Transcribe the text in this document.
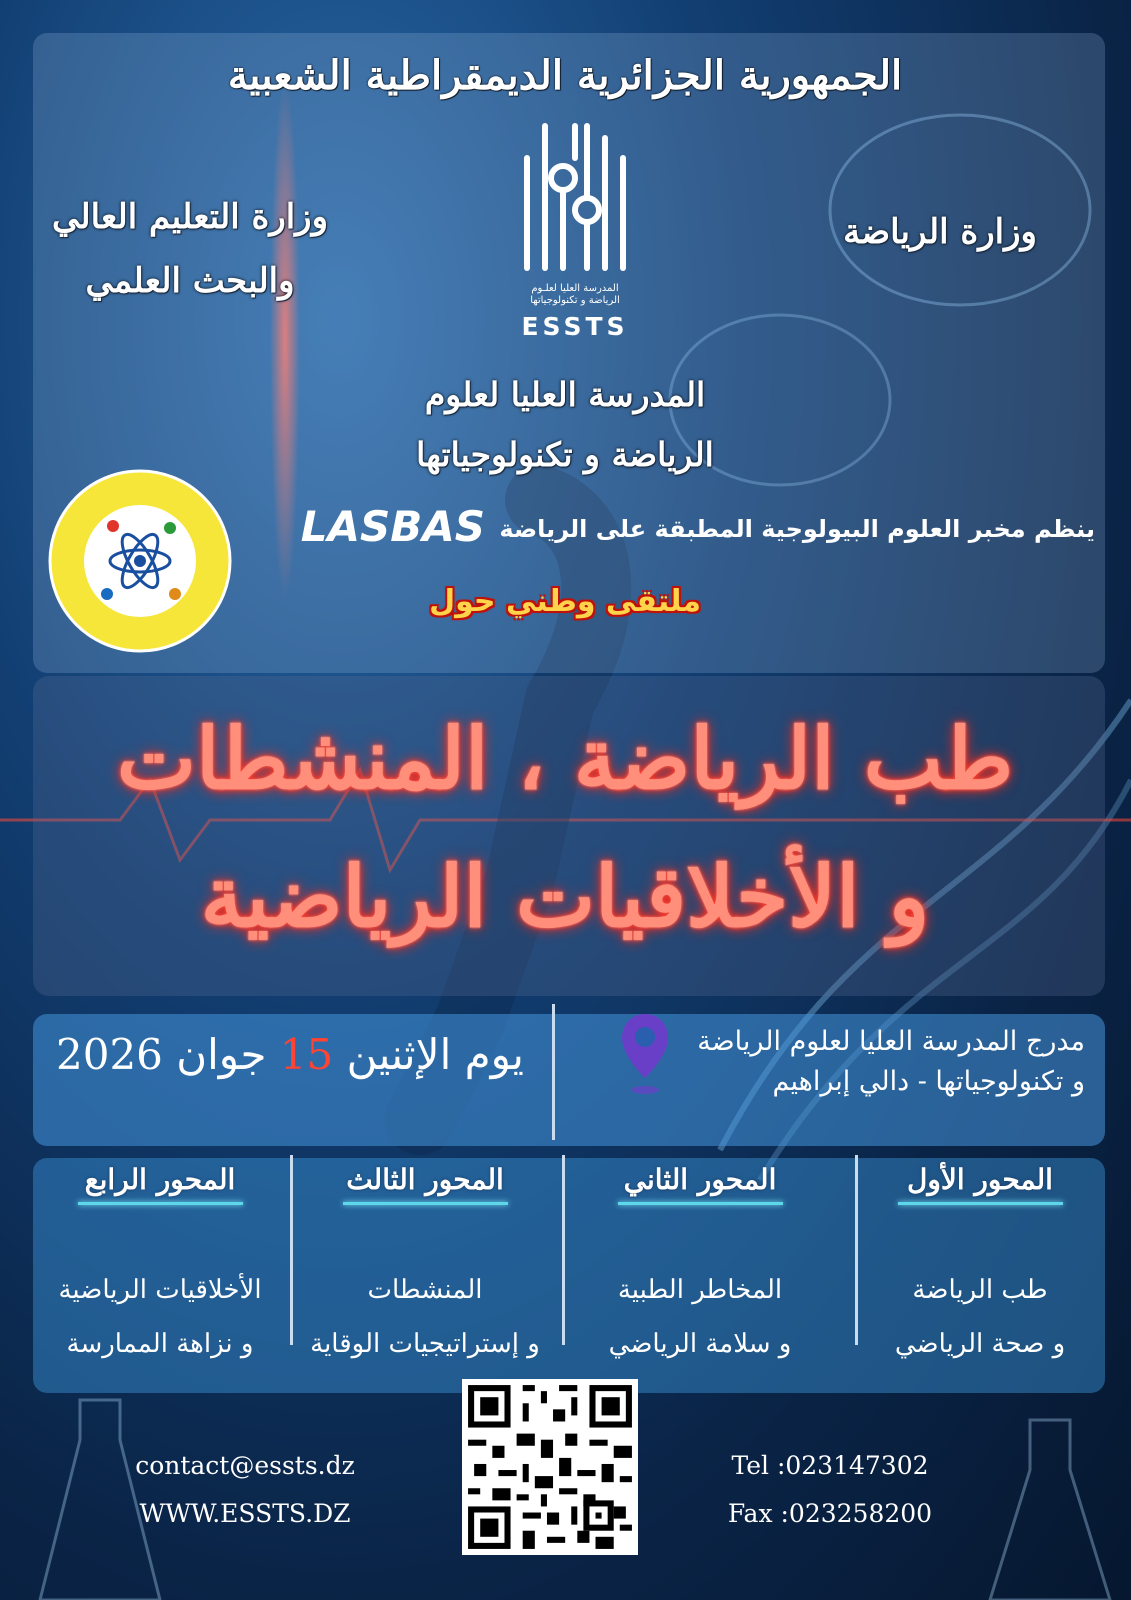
الجمهورية الجزائرية الديمقراطية الشعبية
وزارة التعليم العالي
والبحث العلمي
وزارة الرياضة
المدرسة العليا لعلـوم
الرياضة و تكنولوجياتها
ESSTS
المدرسة العليا لعلوم
الرياضة و تكنولوجياتها
ينظم مخبر العلوم البيولوجية المطبقة على الرياضة LASBAS
ملتقى وطني حول
طب الرياضة ، المنشطات
و الأخلاقيات الرياضية
يوم الإثنين 15 جوان 2026	مدرج المدرسة العليا لعلوم الرياضة
و تكنولوجياتها - دالي إبراهيم
المحور الأول
طب الرياضة
و صحة الرياضي
المحور الثاني
المخاطر الطبية
و سلامة الرياضي
المحور الثالث
المنشطات
و إستراتيجيات الوقاية
المحور الرابع
الأخلاقيات الرياضية
و نزاهة الممارسة
contact@essts.dz
WWW.ESSTS.DZ
Tel :023147302
Fax :023258200
